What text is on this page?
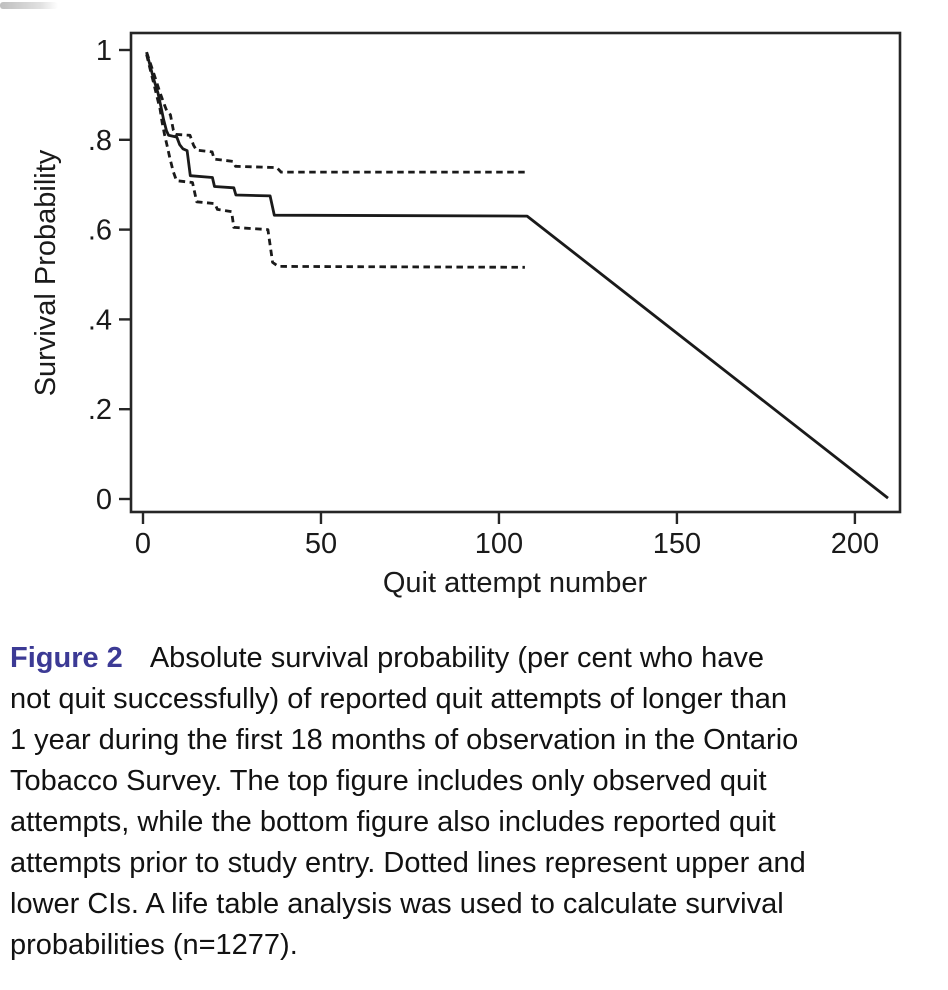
1
.8
.6
.4
.2
0
0	50	100	150	200
Quit attempt number
Survival Probability
Figure 2 Absolute survival probability (per cent who have
not quit successfully) of reported quit attempts of longer than
1 year during the first 18 months of observation in the Ontario
Tobacco Survey. The top figure includes only observed quit
attempts, while the bottom figure also includes reported quit
attempts prior to study entry. Dotted lines represent upper and
lower CIs. A life table analysis was used to calculate survival
probabilities (n=1277).
